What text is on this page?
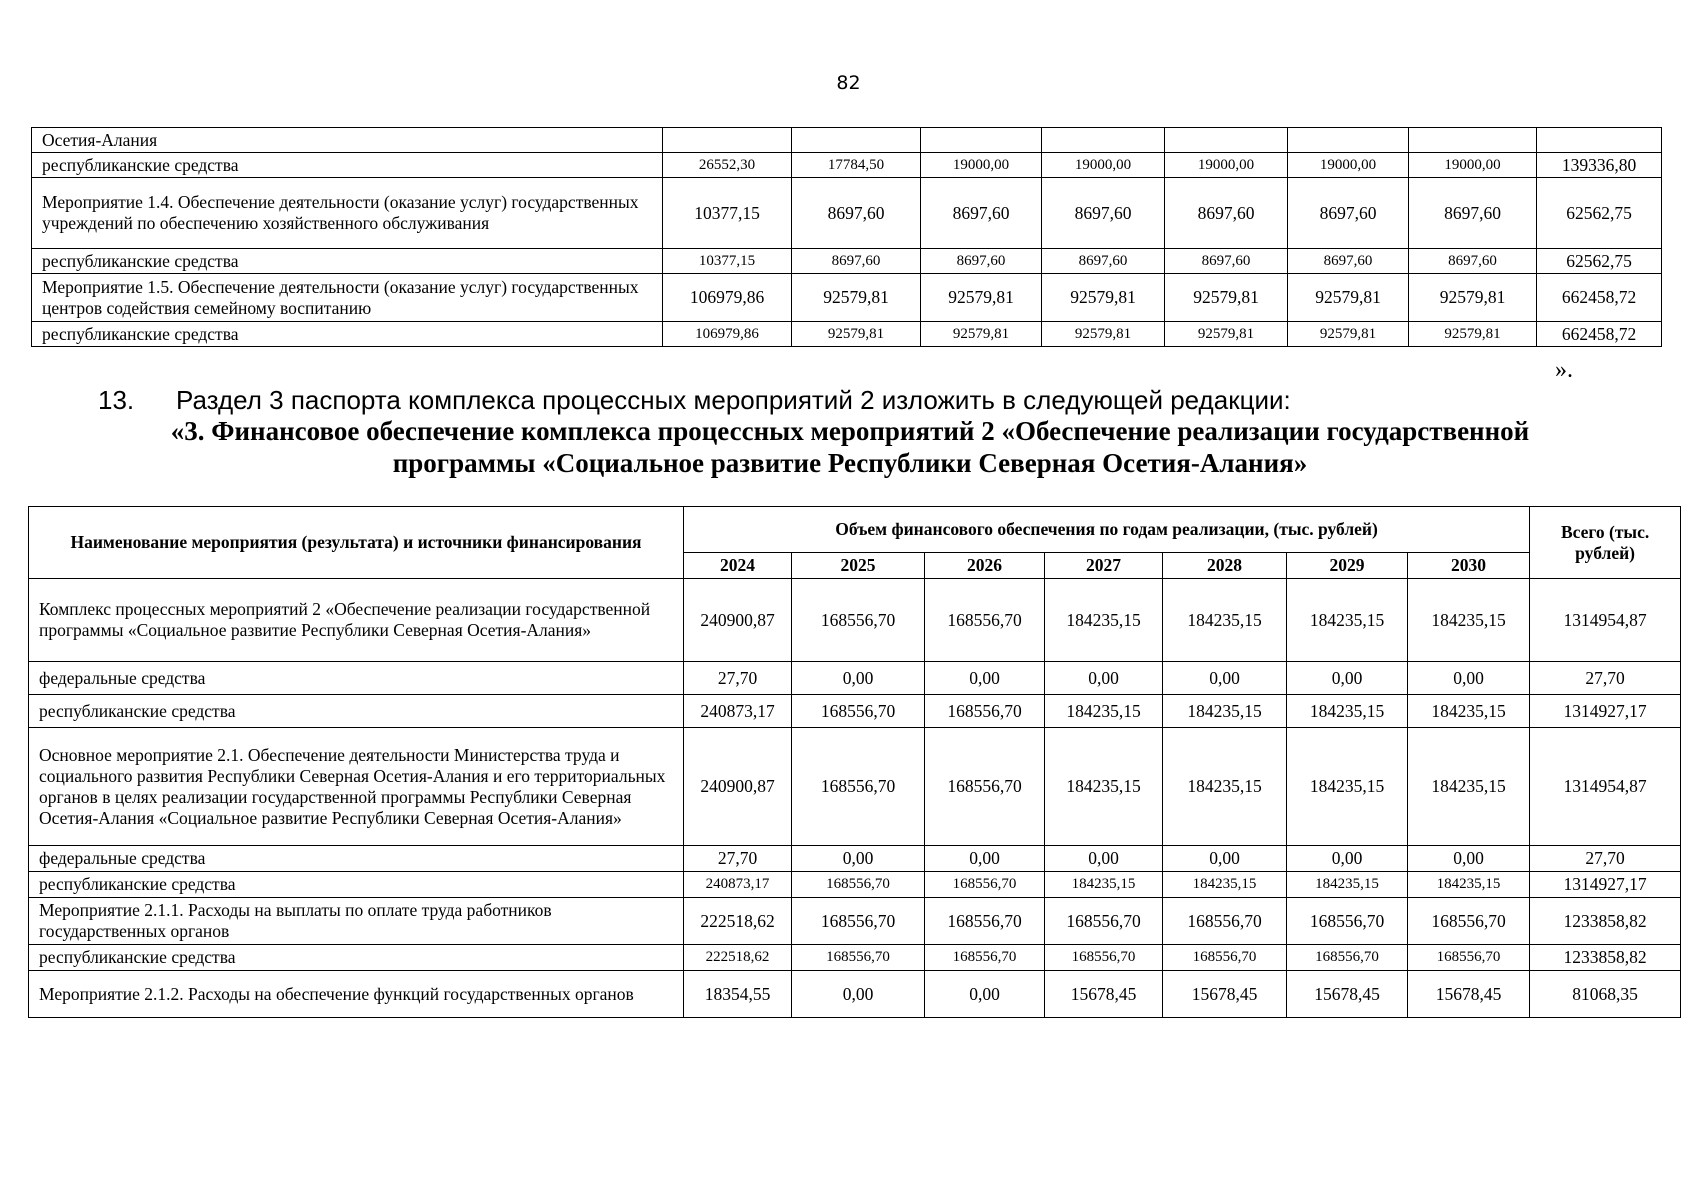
82
Осетия-Алания								
республиканские средства	26552,30	17784,50	19000,00	19000,00	19000,00	19000,00	19000,00	139336,80
Мероприятие 1.4. Обеспечение деятельности (оказание услуг) государственных учреждений по обеспечению хозяйственного обслуживания	10377,15	8697,60	8697,60	8697,60	8697,60	8697,60	8697,60	62562,75
республиканские средства	10377,15	8697,60	8697,60	8697,60	8697,60	8697,60	8697,60	62562,75
Мероприятие 1.5. Обеспечение деятельности (оказание услуг) государственных центров содействия семейному воспитанию	106979,86	92579,81	92579,81	92579,81	92579,81	92579,81	92579,81	662458,72
республиканские средства	106979,86	92579,81	92579,81	92579,81	92579,81	92579,81	92579,81	662458,72
».
13. Раздел 3 паспорта комплекса процессных мероприятий 2 изложить в следующей редакции:
«3. Финансовое обеспечение комплекса процессных мероприятий 2 «Обеспечение реализации государственной
программы «Социальное развитие Республики Северная Осетия-Алания»
Наименование мероприятия (результата) и источники финансирования	Объем финансового обеспечения по годам реализации, (тыс. рублей)							Всего (тыс. рублей)
	2024	2025	2026	2027	2028	2029	2030	
Комплекс процессных мероприятий 2 «Обеспечение реализации государственной программы «Социальное развитие Республики Северная Осетия-Алания»	240900,87	168556,70	168556,70	184235,15	184235,15	184235,15	184235,15	1314954,87
федеральные средства	27,70	0,00	0,00	0,00	0,00	0,00	0,00	27,70
республиканские средства	240873,17	168556,70	168556,70	184235,15	184235,15	184235,15	184235,15	1314927,17
Основное мероприятие 2.1. Обеспечение деятельности Министерства труда и социального развития Республики Северная Осетия-Алания и его территориальных органов в целях реализации государственной программы Республики Северная Осетия-Алания «Социальное развитие Республики Северная Осетия-Алания»	240900,87	168556,70	168556,70	184235,15	184235,15	184235,15	184235,15	1314954,87
федеральные средства	27,70	0,00	0,00	0,00	0,00	0,00	0,00	27,70
республиканские средства	240873,17	168556,70	168556,70	184235,15	184235,15	184235,15	184235,15	1314927,17
Мероприятие 2.1.1. Расходы на выплаты по оплате труда работников государственных органов	222518,62	168556,70	168556,70	168556,70	168556,70	168556,70	168556,70	1233858,82
республиканские средства	222518,62	168556,70	168556,70	168556,70	168556,70	168556,70	168556,70	1233858,82
Мероприятие 2.1.2. Расходы на обеспечение функций государственных органов	18354,55	0,00	0,00	15678,45	15678,45	15678,45	15678,45	81068,35
